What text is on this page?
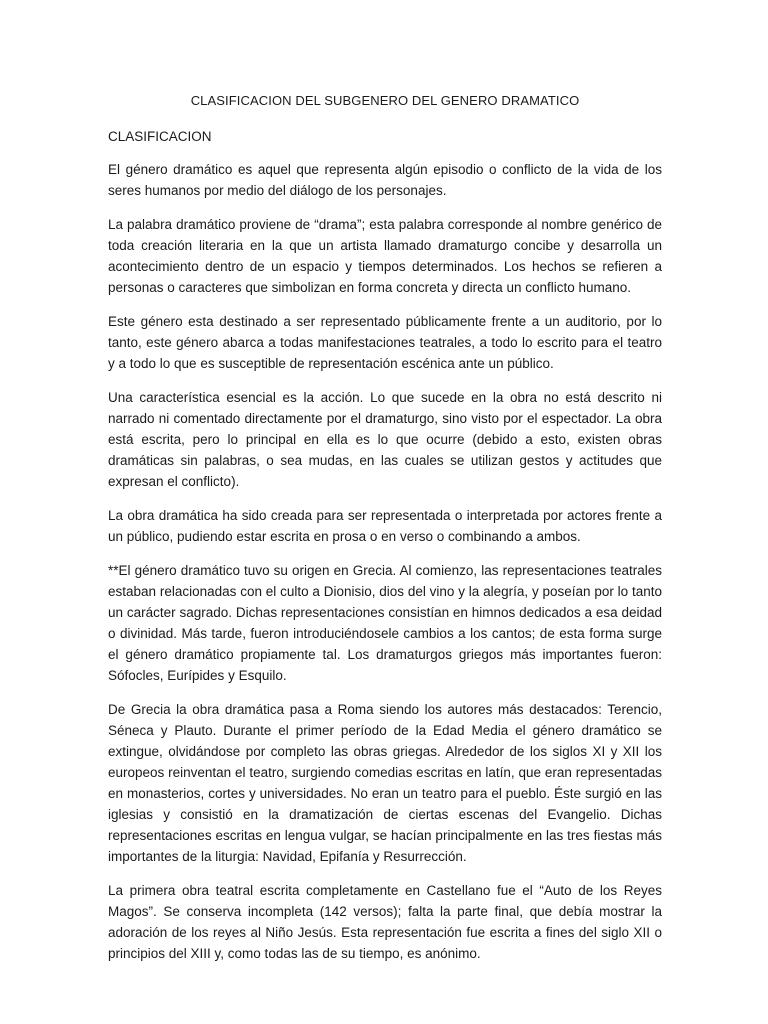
CLASIFICACION DEL SUBGENERO DEL GENERO DRAMATICO
CLASIFICACION

El género dramático es aquel que representa algún episodio o conflicto de la vida de los seres humanos por medio del diálogo de los personajes.

La palabra dramático proviene de “drama”; esta palabra corresponde al nombre genérico de toda creación literaria en la que un artista llamado dramaturgo concibe y desarrolla un acontecimiento dentro de un espacio y tiempos determinados. Los hechos se refieren a personas o caracteres que simbolizan en forma concreta y directa un conflicto humano.

Este género esta destinado a ser representado públicamente frente a un auditorio, por lo tanto, este género abarca a todas manifestaciones teatrales, a todo lo escrito para el teatro y a todo lo que es susceptible de representación escénica ante un público.

Una característica esencial es la acción. Lo que sucede en la obra no está descrito ni narrado ni comentado directamente por el dramaturgo, sino visto por el espectador. La obra está escrita, pero lo principal en ella es lo que ocurre (debido a esto, existen obras dramáticas sin palabras, o sea mudas, en las cuales se utilizan gestos y actitudes que expresan el conflicto).

La obra dramática ha sido creada para ser representada o interpretada por actores frente a un público, pudiendo estar escrita en prosa o en verso o combinando a ambos.

**El género dramático tuvo su origen en Grecia. Al comienzo, las representaciones teatrales estaban relacionadas con el culto a Dionisio, dios del vino y la alegría, y poseían por lo tanto un carácter sagrado. Dichas representaciones consistían en himnos dedicados a esa deidad o divinidad. Más tarde, fueron introduciéndosele cambios a los cantos; de esta forma surge el género dramático propiamente tal. Los dramaturgos griegos más importantes fueron: Sófocles, Eurípides y Esquilo.

De Grecia la obra dramática pasa a Roma siendo los autores más destacados: Terencio, Séneca y Plauto. Durante el primer período de la Edad Media el género dramático se extingue, olvidándose por completo las obras griegas. Alrededor de los siglos XI y XII los europeos reinventan el teatro, surgiendo comedias escritas en latín, que eran representadas en monasterios, cortes y universidades. No eran un teatro para el pueblo. Éste surgió en las iglesias y consistió en la dramatización de ciertas escenas del Evangelio. Dichas representaciones escritas en lengua vulgar, se hacían principalmente en las tres fiestas más importantes de la liturgia: Navidad, Epifanía y Resurrección.

La primera obra teatral escrita completamente en Castellano fue el “Auto de los Reyes Magos”. Se conserva incompleta (142 versos); falta la parte final, que debía mostrar la adoración de los reyes al Niño Jesús. Esta representación fue escrita a fines del siglo XII o principios del XIII y, como todas las de su tiempo, es anónimo.
